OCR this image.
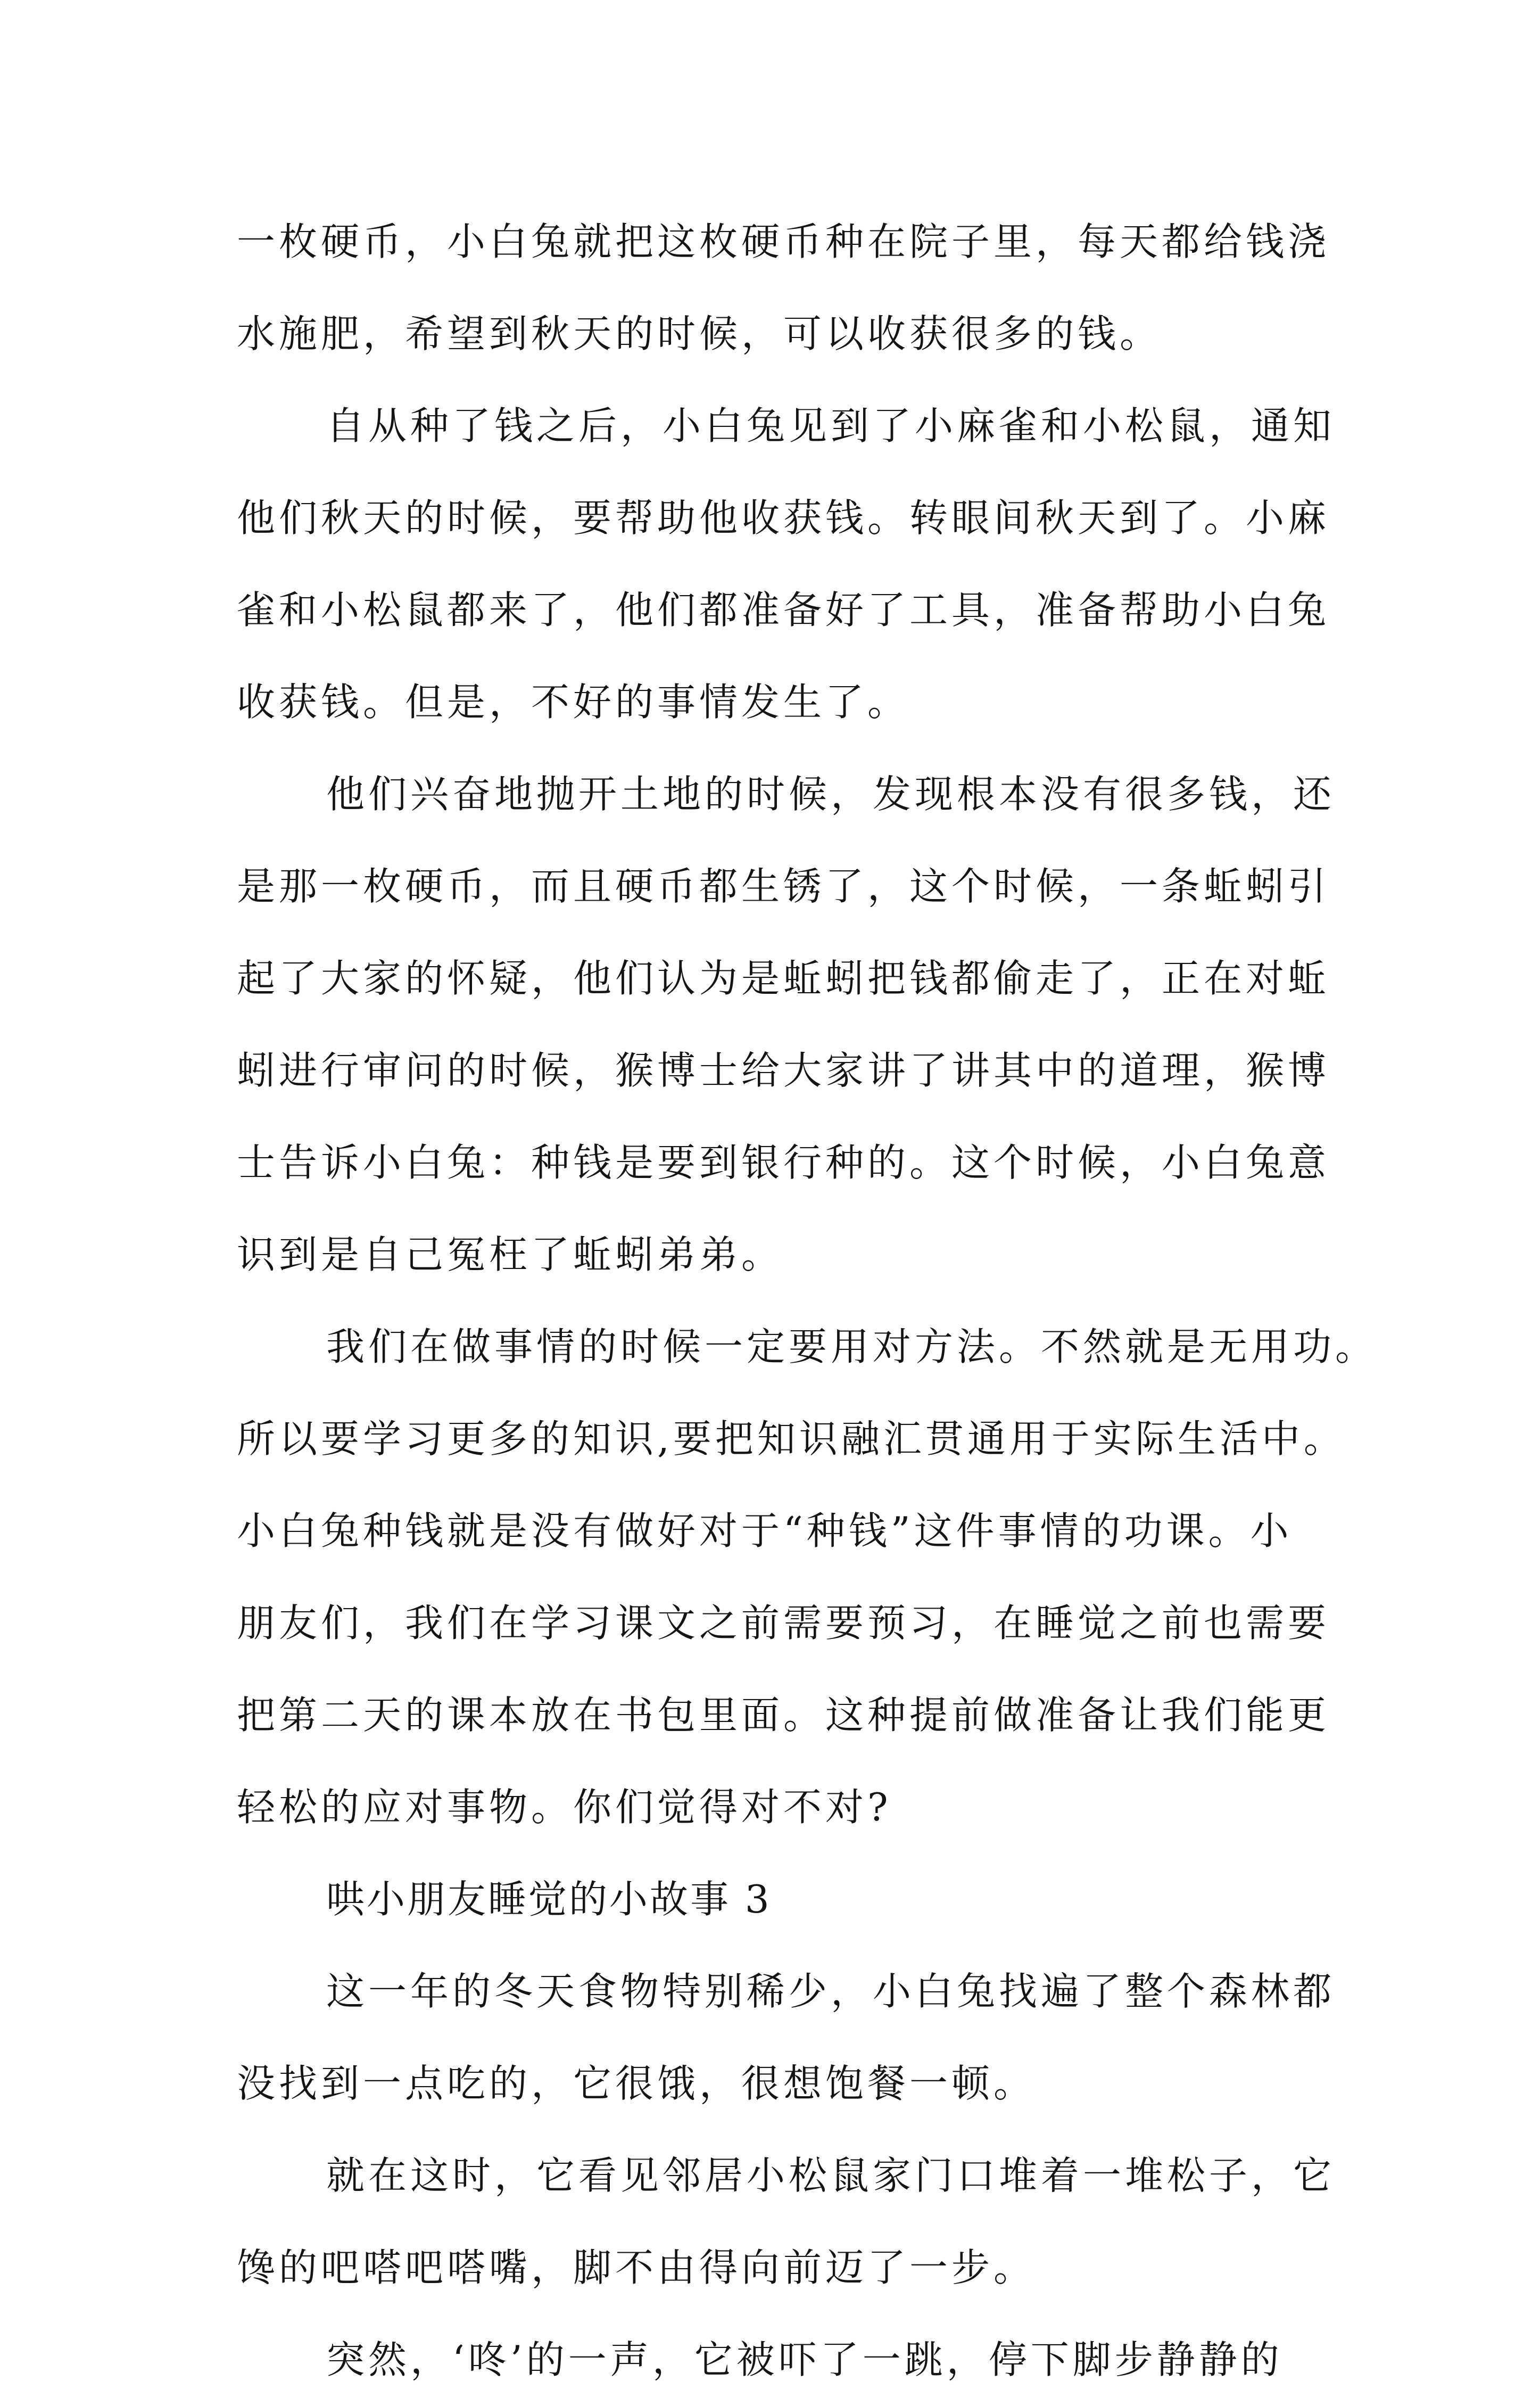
一枚硬币，小白兔就把这枚硬币种在院子里，每天都给钱浇
水施肥，希望到秋天的时候，可以收获很多的钱。
自从种了钱之后，小白兔见到了小麻雀和小松鼠，通知
他们秋天的时候，要帮助他收获钱。转眼间秋天到了。小麻
雀和小松鼠都来了，他们都准备好了工具，准备帮助小白兔
收获钱。但是，不好的事情发生了。
他们兴奋地抛开土地的时候，发现根本没有很多钱，还
是那一枚硬币，而且硬币都生锈了，这个时候，一条蚯蚓引
起了大家的怀疑，他们认为是蚯蚓把钱都偷走了，正在对蚯
蚓进行审问的时候，猴博士给大家讲了讲其中的道理，猴博
士告诉小白兔：种钱是要到银行种的。这个时候，小白兔意
识到是自己冤枉了蚯蚓弟弟。
我们在做事情的时候一定要用对方法。不然就是无用功。
所以要学习更多的知识,要把知识融汇贯通用于实际生活中。
小白兔种钱就是没有做好对于“种钱”这件事情的功课。小
朋友们，我们在学习课文之前需要预习，在睡觉之前也需要
把第二天的课本放在书包里面。这种提前做准备让我们能更
轻松的应对事物。你们觉得对不对?
哄小朋友睡觉的小故事 3
这一年的冬天食物特别稀少，小白兔找遍了整个森林都
没找到一点吃的，它很饿，很想饱餐一顿。
就在这时，它看见邻居小松鼠家门口堆着一堆松子，它
馋的吧嗒吧嗒嘴，脚不由得向前迈了一步。
突然，‘咚’的一声，它被吓了一跳，停下脚步静静的
